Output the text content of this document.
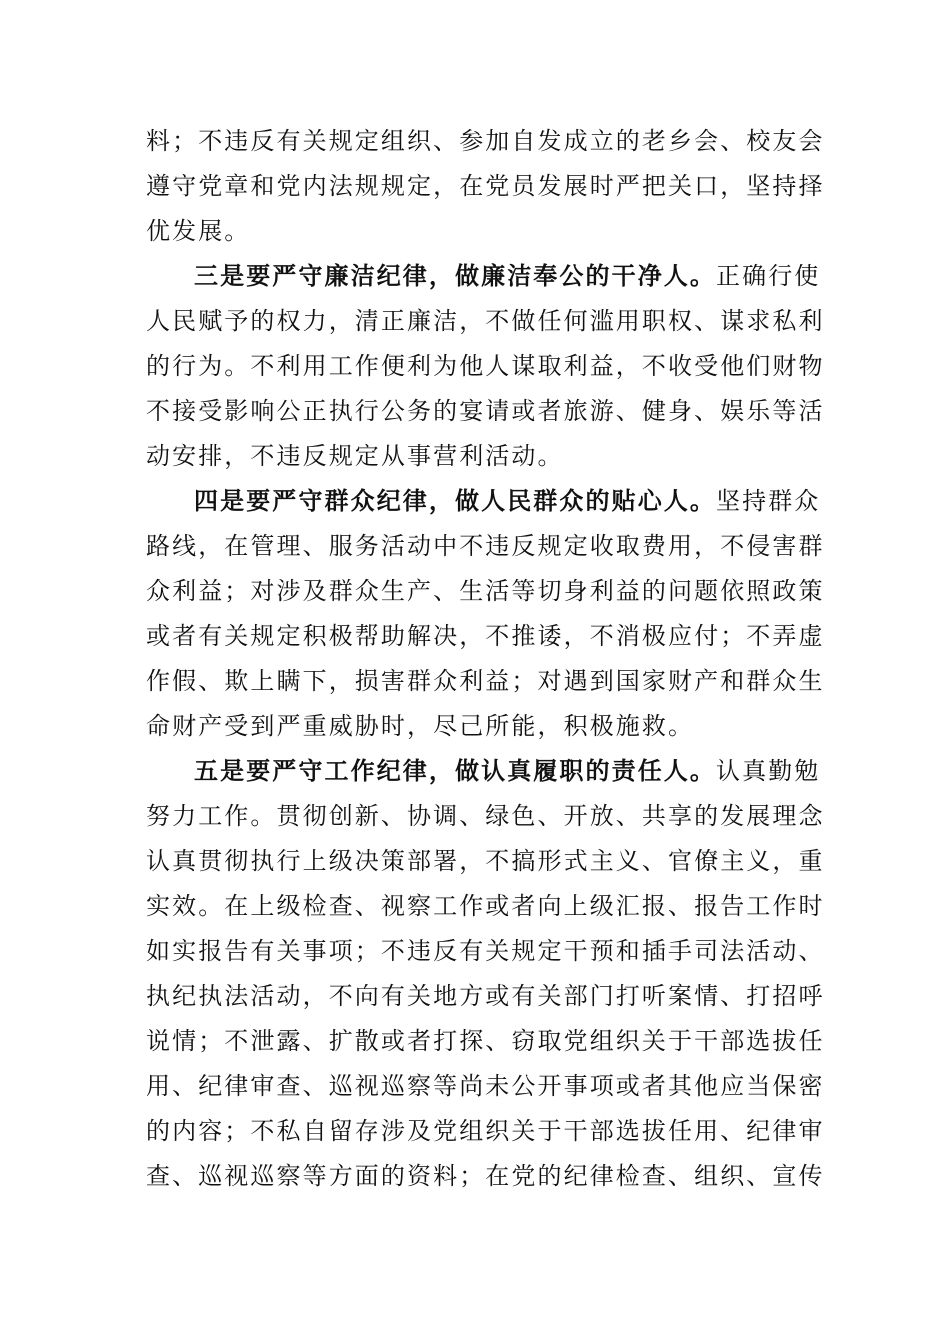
料；不违反有关规定组织、参加自发成立的老乡会、校友会
遵守党章和党内法规规定，在党员发展时严把关口，坚持择
优发展。
三是要严守廉洁纪律，做廉洁奉公的干净人。正确行使
人民赋予的权力，清正廉洁，不做任何滥用职权、谋求私利
的行为。不利用工作便利为他人谋取利益，不收受他们财物
不接受影响公正执行公务的宴请或者旅游、健身、娱乐等活
动安排，不违反规定从事营利活动。
四是要严守群众纪律，做人民群众的贴心人。坚持群众
路线，在管理、服务活动中不违反规定收取费用，不侵害群
众利益；对涉及群众生产、生活等切身利益的问题依照政策
或者有关规定积极帮助解决，不推诿，不消极应付；不弄虚
作假、欺上瞒下，损害群众利益；对遇到国家财产和群众生
命财产受到严重威胁时，尽己所能，积极施救。
五是要严守工作纪律，做认真履职的责任人。认真勤勉
努力工作。贯彻创新、协调、绿色、开放、共享的发展理念
认真贯彻执行上级决策部署，不搞形式主义、官僚主义，重
实效。在上级检查、视察工作或者向上级汇报、报告工作时
如实报告有关事项；不违反有关规定干预和插手司法活动、
执纪执法活动，不向有关地方或有关部门打听案情、打招呼
说情；不泄露、扩散或者打探、窃取党组织关于干部选拔任
用、纪律审查、巡视巡察等尚未公开事项或者其他应当保密
的内容；不私自留存涉及党组织关于干部选拔任用、纪律审
查、巡视巡察等方面的资料；在党的纪律检查、组织、宣传
